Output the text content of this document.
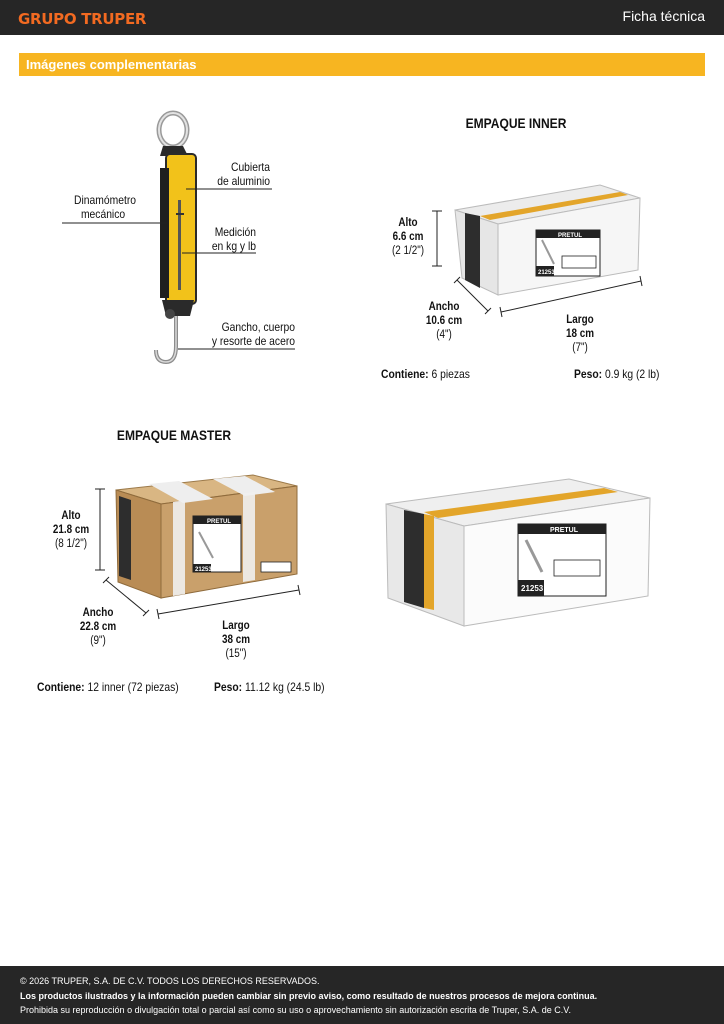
GRUPO TRUPER	Ficha técnica
Imágenes complementarias
Dinamómetro
mecánico
Cubierta
de aluminio
Medición
en kg y lb
Gancho, cuerpo
y resorte de acero
EMPAQUE INNER
PRETUL
21253
Alto
6.6 cm
(2 1/2")
Ancho
10.6 cm
(4")
Largo
18 cm
(7")
Contiene: 6 piezas	Peso: 0.9 kg (2 lb)
EMPAQUE MASTER
PRETUL
21253
Alto
21.8 cm
(8 1/2")
Ancho
22.8 cm
(9")
Largo
38 cm
(15")
Contiene: 12 inner (72 piezas)	Peso: 11.12 kg (24.5 lb)
PRETUL
21253
© 2026 TRUPER, S.A. DE C.V. TODOS LOS DERECHOS RESERVADOS.
Los productos ilustrados y la información pueden cambiar sin previo aviso, como resultado de nuestros procesos de mejora continua.
Prohibida su reproducción o divulgación total o parcial así como su uso o aprovechamiento sin autorización escrita de Truper, S.A. de C.V.
